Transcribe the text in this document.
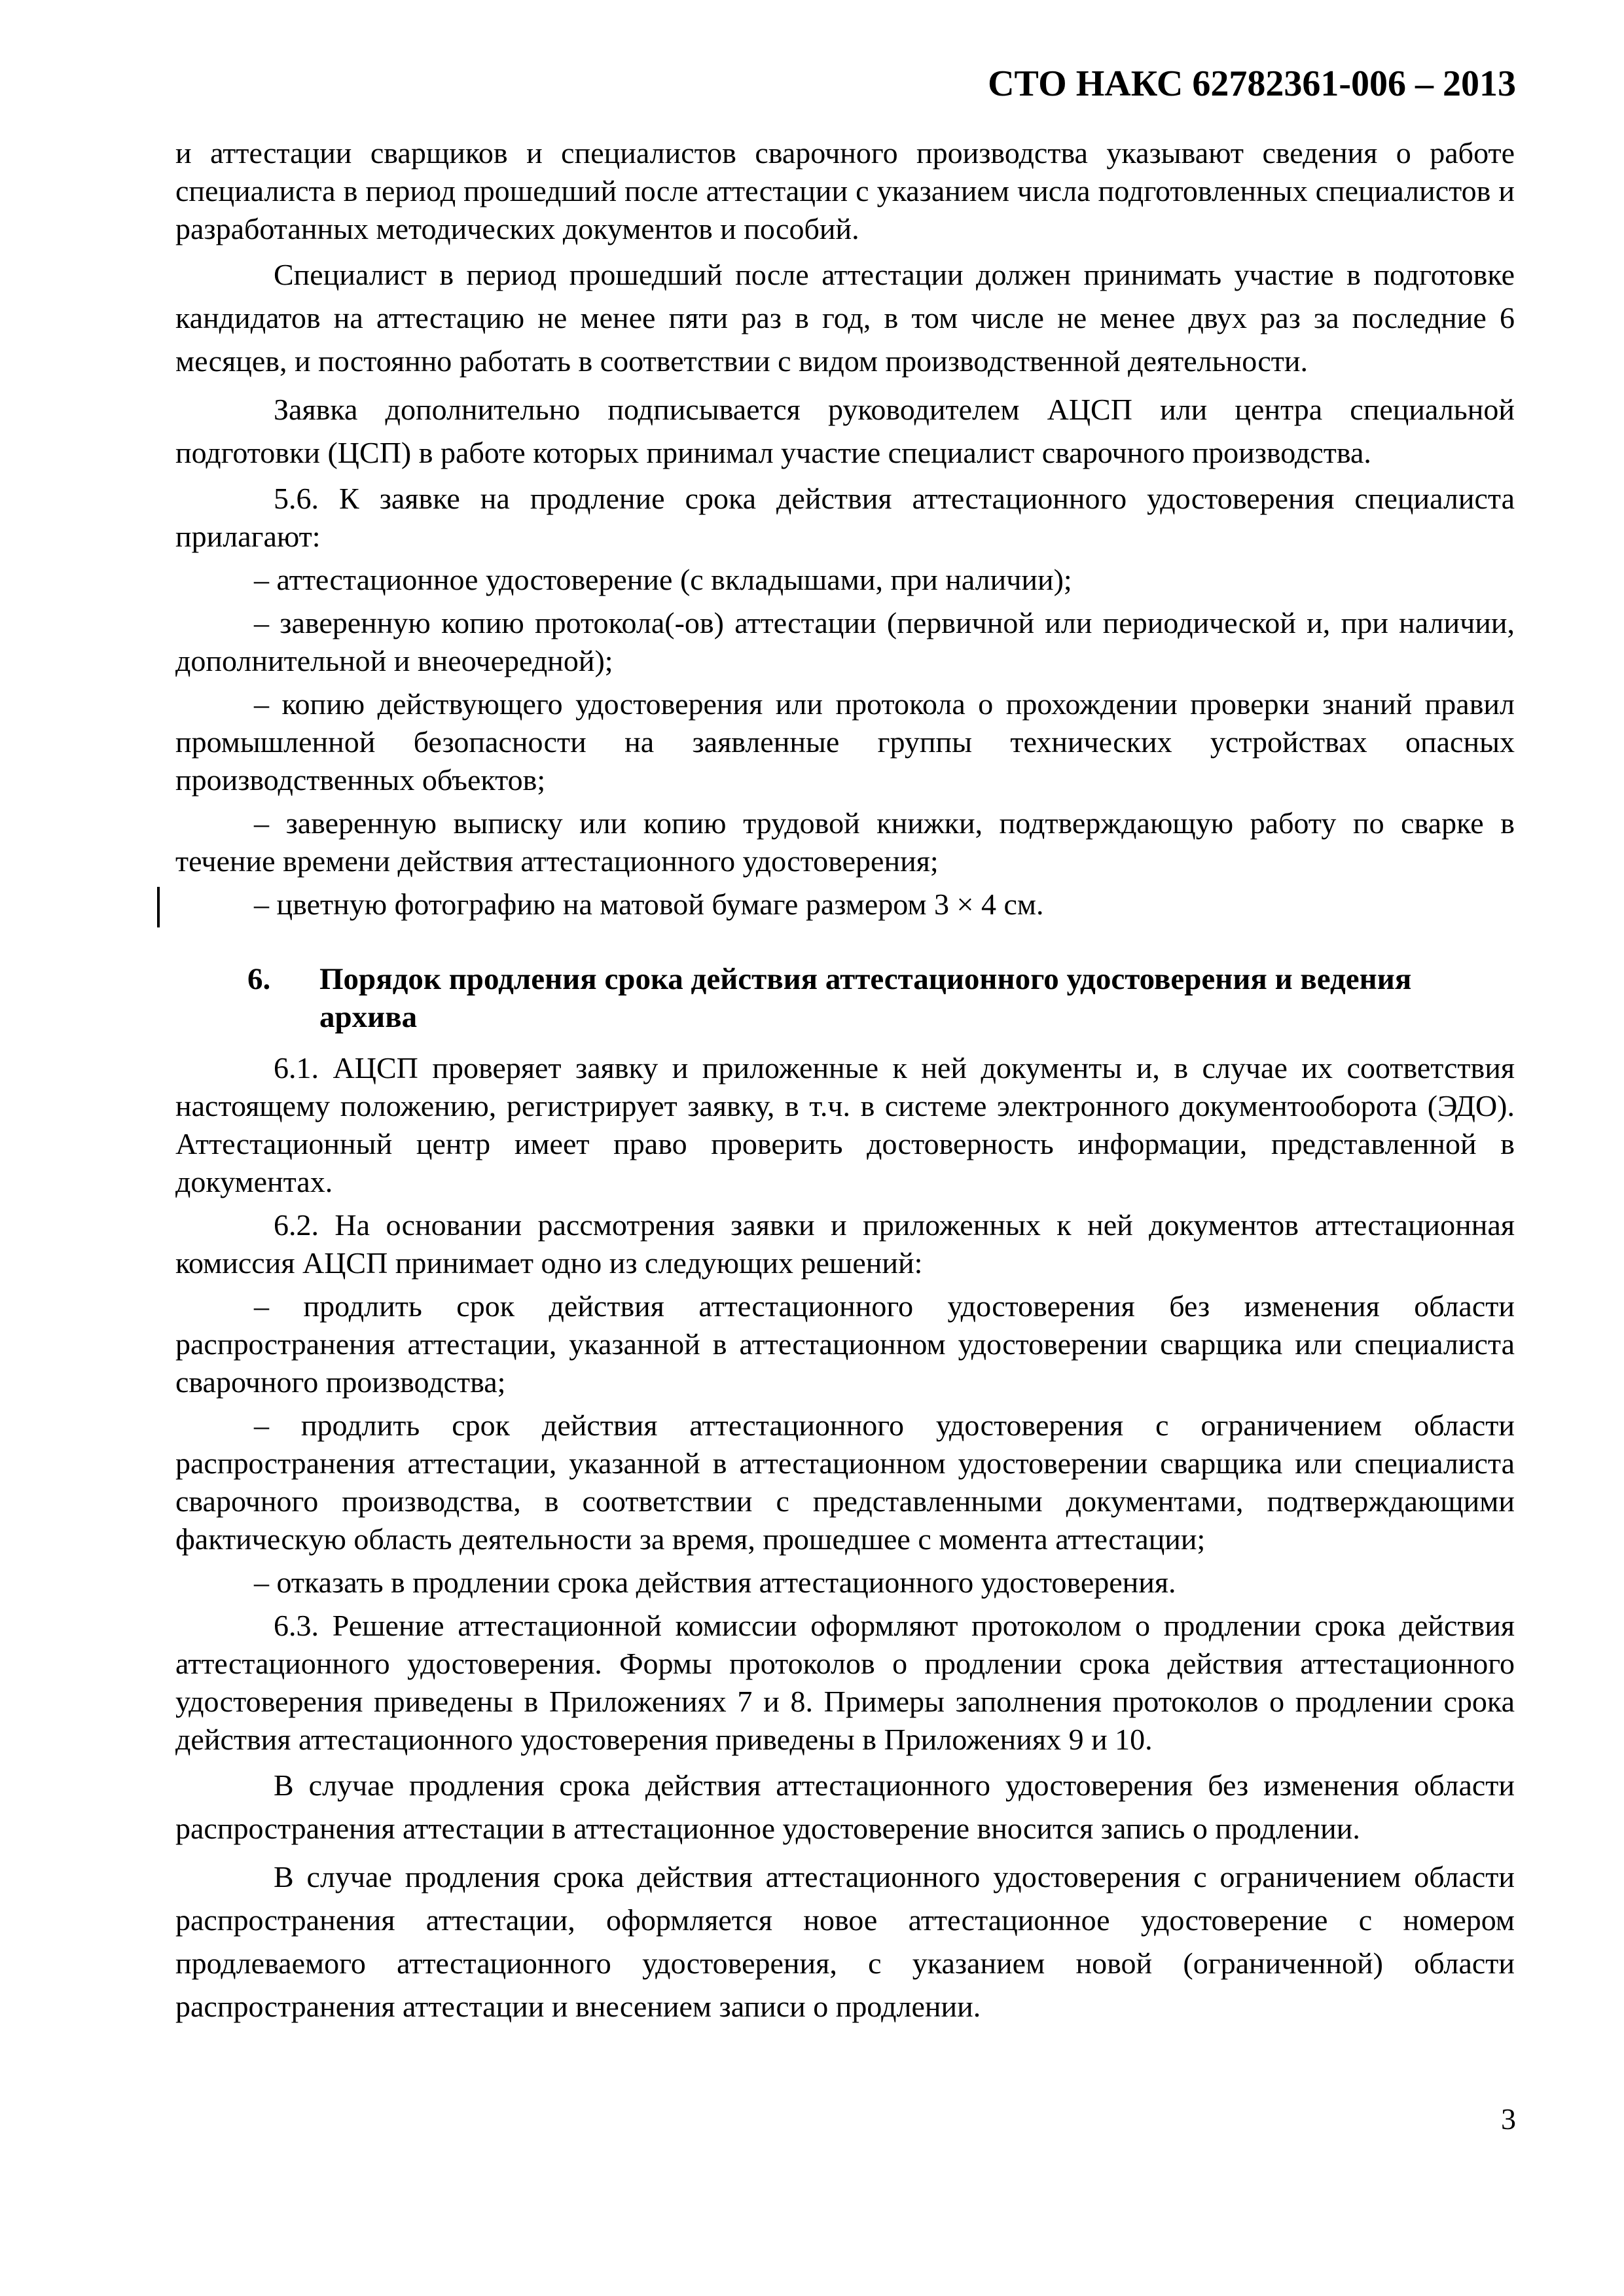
СТО НАКС 62782361-006 – 2013

и аттестации сварщиков и специалистов сварочного производства указывают сведения о работе специалиста в период прошедший после аттестации с указанием числа подготовленных специалистов и разработанных методических документов и пособий.

Специалист в период прошедший после аттестации должен принимать участие в подготовке кандидатов на аттестацию не менее пяти раз в год, в том числе не менее двух раз за последние 6 месяцев, и постоянно работать в соответствии с видом производственной деятельности.

Заявка дополнительно подписывается руководителем АЦСП или центра специальной подготовки (ЦСП) в работе которых принимал участие специалист сварочного производства.

5.6. К заявке на продление срока действия аттестационного удостоверения специалиста прилагают:

– аттестационное удостоверение (с вкладышами, при наличии);

– заверенную копию протокола(-ов) аттестации (первичной или периодической и, при наличии, дополнительной и внеочередной);

– копию действующего удостоверения или протокола о прохождении проверки знаний правил промышленной безопасности на заявленные группы технических устройствах опасных производственных объектов;

– заверенную выписку или копию трудовой книжки, подтверждающую работу по сварке в течение времени действия аттестационного удостоверения;

– цветную фотографию на матовой бумаге размером 3 × 4 см.

6. Порядок продления срока действия аттестационного удостоверения и ведения архива

6.1. АЦСП проверяет заявку и приложенные к ней документы и, в случае их соответствия настоящему положению, регистрирует заявку, в т.ч. в системе электронного документооборота (ЭДО). Аттестационный центр имеет право проверить достоверность информации, представленной в документах.

6.2. На основании рассмотрения заявки и приложенных к ней документов аттестационная комиссия АЦСП принимает одно из следующих решений:

– продлить срок действия аттестационного удостоверения без изменения области распространения аттестации, указанной в аттестационном удостоверении сварщика или специалиста сварочного производства;

– продлить срок действия аттестационного удостоверения с ограничением области распространения аттестации, указанной в аттестационном удостоверении сварщика или специалиста сварочного производства, в соответствии с представленными документами, подтверждающими фактическую область деятельности за время, прошедшее с момента аттестации;

– отказать в продлении срока действия аттестационного удостоверения.

6.3. Решение аттестационной комиссии оформляют протоколом о продлении срока действия аттестационного удостоверения. Формы протоколов о продлении срока действия аттестационного удостоверения приведены в Приложениях 7 и 8. Примеры заполнения протоколов о продлении срока действия аттестационного удостоверения приведены в Приложениях 9 и 10.

В случае продления срока действия аттестационного удостоверения без изменения области распространения аттестации в аттестационное удостоверение вносится запись о продлении.

В случае продления срока действия аттестационного удостоверения с ограничением области распространения аттестации, оформляется новое аттестационное удостоверение с номером продлеваемого аттестационного удостоверения, с указанием новой (ограниченной) области распространения аттестации и внесением записи о продлении.

3
